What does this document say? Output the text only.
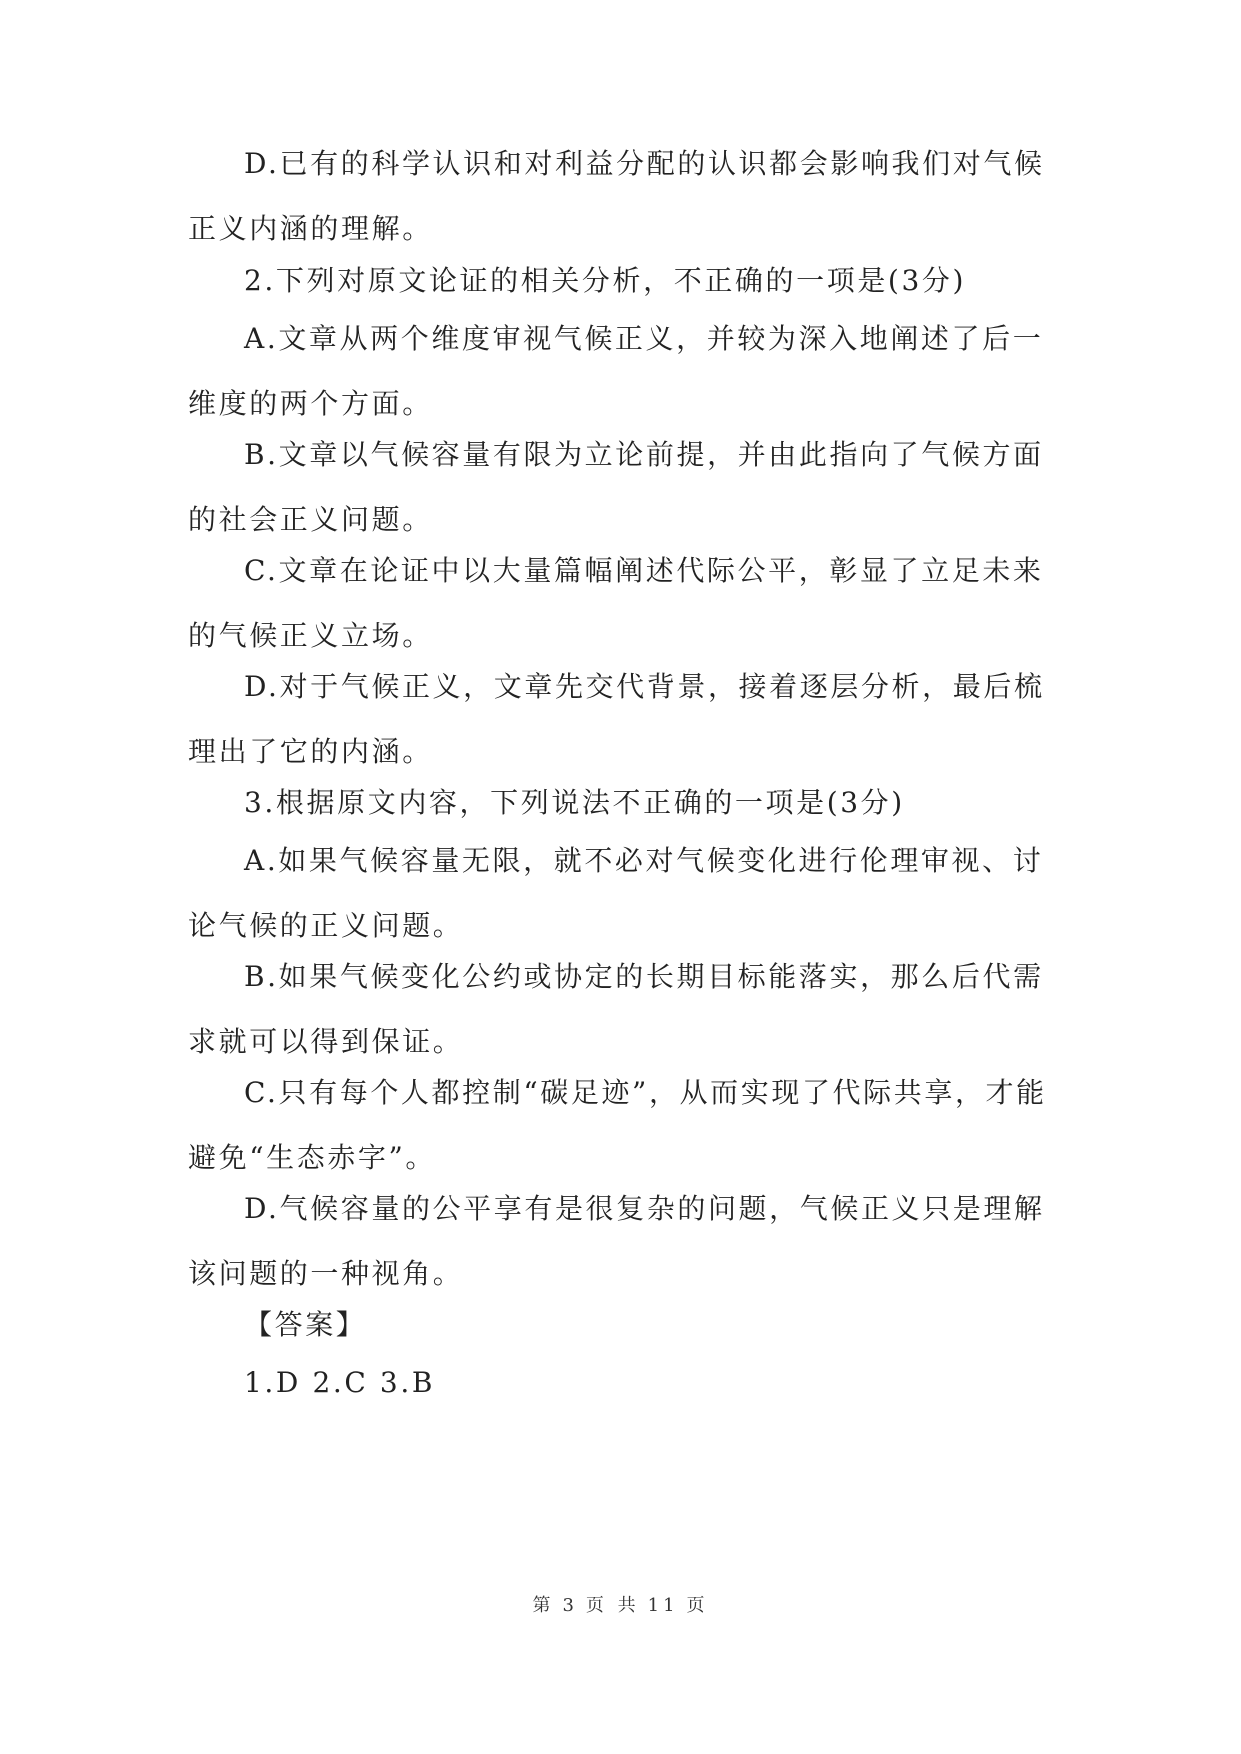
D.已有的科学认识和对利益分配的认识都会影响我们对气候正义内涵的理解。

2.下列对原文论证的相关分析，不正确的一项是(3分)

A.文章从两个维度审视气候正义，并较为深入地阐述了后一维度的两个方面。

B.文章以气候容量有限为立论前提，并由此指向了气候方面的社会正义问题。

C.文章在论证中以大量篇幅阐述代际公平，彰显了立足未来的气候正义立场。

D.对于气候正义，文章先交代背景，接着逐层分析，最后梳理出了它的内涵。

3.根据原文内容，下列说法不正确的一项是(3分)

A.如果气候容量无限，就不必对气候变化进行伦理审视、讨论气候的正义问题。

B.如果气候变化公约或协定的长期目标能落实，那么后代需求就可以得到保证。

C.只有每个人都控制“碳足迹”，从而实现了代际共享，才能避免“生态赤字”。

D.气候容量的公平享有是很复杂的问题，气候正义只是理解该问题的一种视角。

【答案】

1.D 2.C 3.B

第 3 页 共 11 页
